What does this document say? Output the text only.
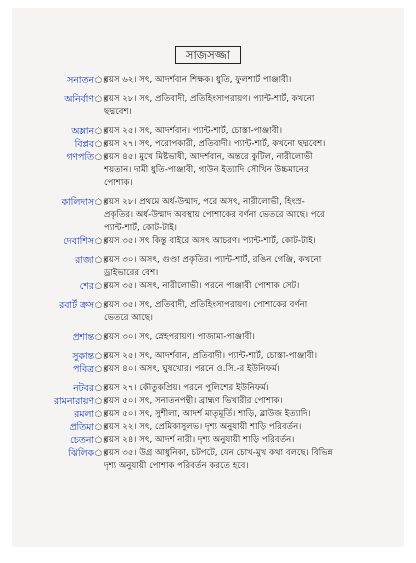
সাজসজ্জা
সনাতন ঃ
বয়স ৬২। সৎ, আদর্শবান শিক্ষক। ধুতি, ফুলশার্ট পাঞ্জাবী।
অনির্বাণ ঃ
বয়স ২৮। সৎ, প্রতিবাদী, প্রতিহিংসাপরায়ণ। প্যান্ট-শার্ট, কখনো
ছদ্মবেশ।
অম্লান ঃ
বয়স ২৫। সৎ, আদর্শবান। প্যান্ট-শার্ট, চোস্তা-পাঞ্জাবী।
বিপ্লব ঃ
বয়স ২৭। সৎ, পরোপকারী, প্রতিবাদী। প্যান্ট-শার্ট, কখনো ছদ্মবেশ।
গণপতি ঃ
বয়স ৪৫। মুখে মিষ্টভাষী, আদর্শবান, অন্তরে কুটিল, নারীলোভী
শয়তান। দামী ধুতি-পাঞ্জাবী, গাউন ইত্যাদি সৌখিন উচ্চমানের
পোশাক।
কালিদাস ঃ
বয়স ২৮। প্রথমে অর্ধ-উন্মাদ, পরে অসৎ, নারীলোভী, হিংস্র-
প্রকৃতির। অর্ধ-উন্মাদ অবস্থায় পোশাকের বর্ণনা ভেতরে আছে। পরে
প্যান্ট-শার্ট, কোট-টাই।
দেবাশিস ঃ
বয়স ৩৫। সৎ কিন্তু বাইরে অসৎ আচরণ। প্যান্ট-শার্ট, কোট-টাই।
রাজা ঃ
বয়স ৩০। অসৎ, গুণ্ডা প্রকৃতির। প্যান্ট-শার্ট, রঙিন গেঞ্জি, কখনো
ড্রাইভারের বেশ।
শের ঃ
বয়স ৩৫। অসৎ, নারীলোভী। পরনে পাঞ্জাবী পোশাক সেট।
রবার্ট ক্রস ঃ
বয়স ৩৫। সৎ, প্রতিবাদী, প্রতিহিংসাপরায়ণ। পোশাকের বর্ণনা
ভেতরে আছে।
প্রশান্ত ঃ
বয়স ৩০। সৎ, স্নেহপরায়ণ। পাজামা-পাঞ্জাবী।
সুকান্ত ঃ
বয়স ২৫। সৎ, আদর্শবান, প্রতিবাদী। প্যান্ট-শার্ট, চোস্তা-পাঞ্জাবী।
পবিত্র ঃ
বয়স ৪০। অসৎ, ঘুষখোর। পরনে ও.সি.-র ইউনিফর্ম।
নটবর ঃ
বয়স ২৭। কৌতুকপ্রিয়। পরনে পুলিশের ইউনিফর্ম।
রামনারায়ণ ঃ
বয়স ৫০। সৎ, সনাতনপন্থী। ব্রাহ্মণ ভিখারীর পোশাক।
রমলা ঃ
বয়স ৫০। সৎ, সুশীলা, আদর্শ মাতৃমূর্তি। শাড়ি, ব্লাউজ ইত্যাদি।
প্রতিমা ঃ
বয়স ২২। সৎ, প্রেমিকাসুলভ। দৃশ্য অনুযায়ী শাড়ি পরিবর্তন।
চেতনা ঃ
বয়স ২৪। সৎ, আদর্শ নারী। দৃশ্য অনুযায়ী শাড়ি পরিবর্তন।
ঝিলিক ঃ
বয়স ৩৫। উগ্র আধুনিকা, চটপটে, যেন চোখ-মুখ কথা বলছে। বিভিন্ন
দৃশ্য অনুযায়ী পোশাক পরিবর্তন করতে হবে।
